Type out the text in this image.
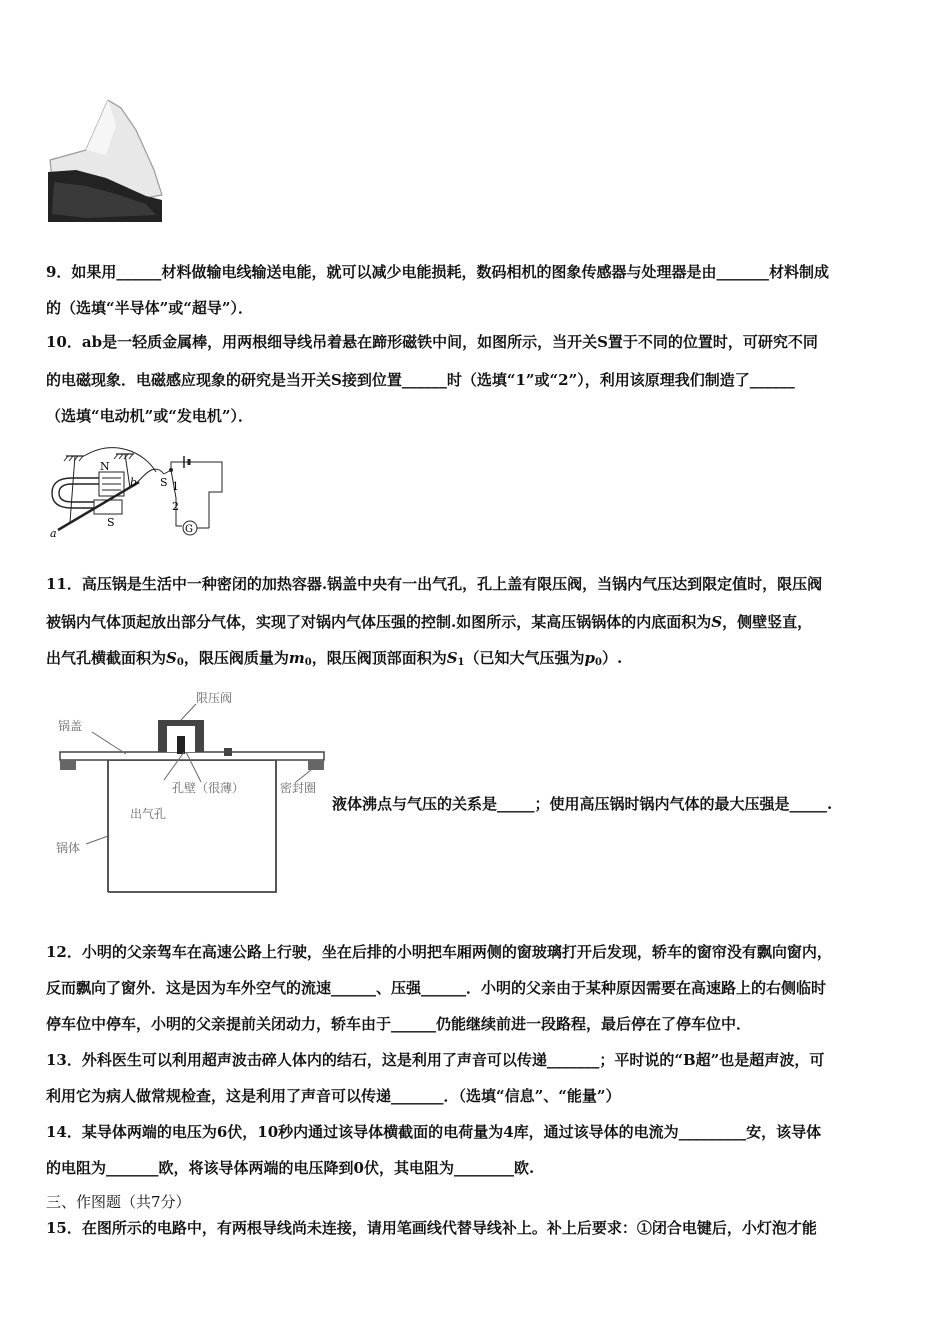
9．如果用______材料做输电线输送电能，就可以减少电能损耗，数码相机的图象传感器与处理器是由_______材料制成
的（选填“半导体”或“超导”）．
10．ab是一轻质金属棒，用两根细导线吊着悬在蹄形磁铁中间，如图所示，当开关S置于不同的位置时，可研究不同
的电磁现象．电磁感应现象的研究是当开关S接到位置______时（选填“1”或“2”），利用该原理我们制造了______
（选填“电动机”或“发电机”）．
N
S
S 1
2
a
b
G
11．高压锅是生活中一种密闭的加热容器.锅盖中央有一出气孔，孔上盖有限压阀，当锅内气压达到限定值时，限压阀
被锅内气体顶起放出部分气体，实现了对锅内气体压强的控制.如图所示，某高压锅锅体的内底面积为S，侧壁竖直，
出气孔横截面积为$S_0$，限压阀质量为$m_0$，限压阀顶部面积为$S_1$（已知大气压强为$p_0$）.
限压阀
锅盖
孔壁（很薄）	密封圈
出气孔
锅体
液体沸点与气压的关系是_____；使用高压锅时锅内气体的最大压强是_____.
12．小明的父亲驾车在高速公路上行驶，坐在后排的小明把车厢两侧的窗玻璃打开后发现，轿车的窗帘没有飘向窗内，
反而飘向了窗外．这是因为车外空气的流速______、压强______．小明的父亲由于某种原因需要在高速路上的右侧临时
停车位中停车，小明的父亲提前关闭动力，轿车由于______仍能继续前进一段路程，最后停在了停车位中．
13．外科医生可以利用超声波击碎人体内的结石，这是利用了声音可以传递_______；平时说的“B超”也是超声波，可
利用它为病人做常规检查，这是利用了声音可以传递_______．（选填“信息”、“能量”）
14．某导体两端的电压为6伏，10秒内通过该导体横截面的电荷量为4库，通过该导体的电流为_________安，该导体
的电阻为_______欧，将该导体两端的电压降到0伏，其电阻为________欧.
三、作图题（共7分）
15．在图所示的电路中，有两根导线尚未连接，请用笔画线代替导线补上。补上后要求：①闭合电键后，小灯泡才能
